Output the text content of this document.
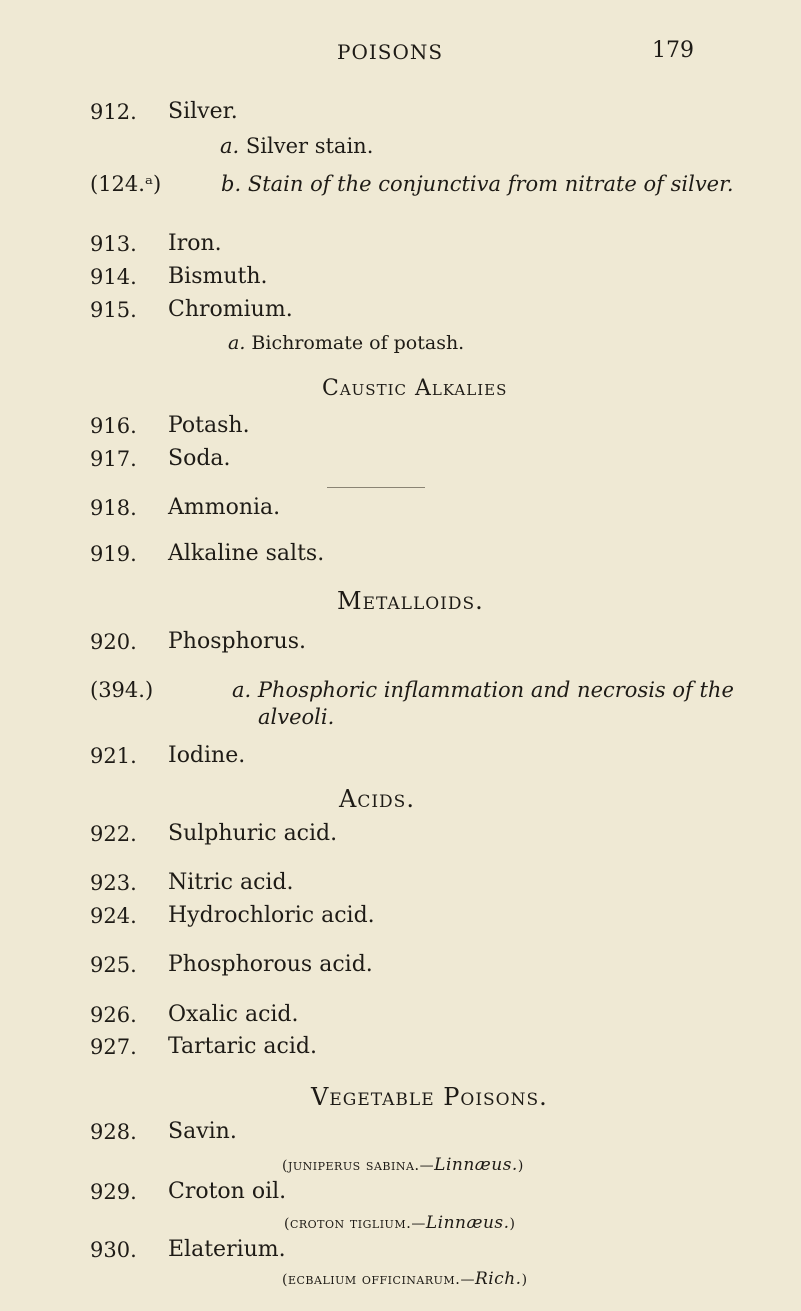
POISONS	179
912. Silver.
a. Silver stain.
(124.ᵃ)	b. Stain of the conjunctiva from nitrate of silver.
913. Iron.
914. Bismuth.
915. Chromium.
a. Bichromate of potash.
Caustic Alkalies
916. Potash.
917. Soda.
918. Ammonia.
919. Alkaline salts.
Metalloids.
920. Phosphorus.
(394.)	a. Phosphoric inflammation and necrosis of the
alveoli.
921. Iodine.
Acids.
922. Sulphuric acid.
923. Nitric acid.
924. Hydrochloric acid.
925. Phosphorous acid.
926. Oxalic acid.
927. Tartaric acid.
Vegetable Poisons.
928. Savin.
(juniperus sabina.—Linnæus.)
929. Croton oil.
(croton tiglium.—Linnæus.)
930. Elaterium.
(ecbalium officinarum.—Rich.)
